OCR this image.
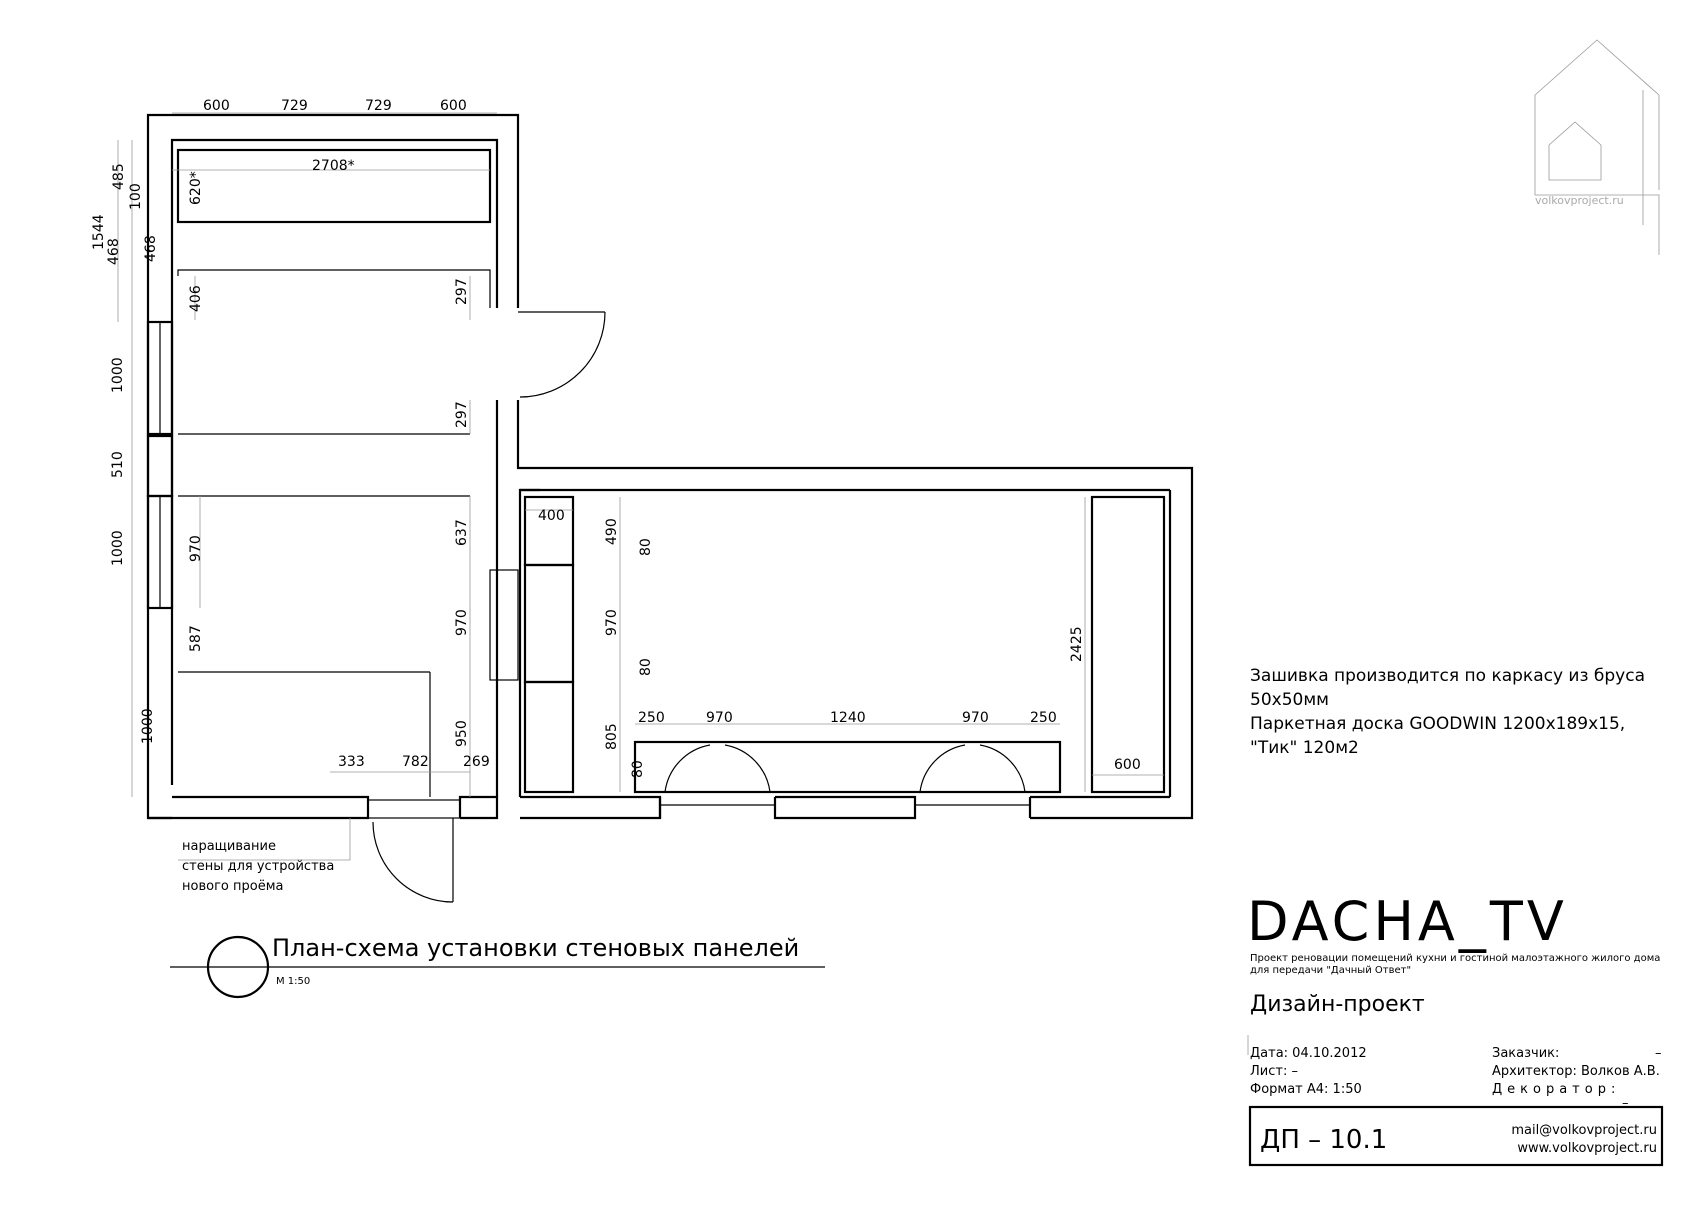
volkovproject.ru
600	729	729	600
2708*
1544
468
485
100
468
1000
510
1000
1000
620*
406
970
587
297
297
637
970
950
400
490
80
970
80
805
80
333	782 269
250	970	1240	970	250
2425
600
наращивание
стены для устройства
нового проёма
План-схема установки стеновых панелей
М 1:50
Зашивка производится по каркасу из бруса
50х50мм
Паркетная доска GOODWIN 1200х189х15,
"Тик" 120м2
DACHA_TV
Проект реновации помещений кухни и гостиной малоэтажного жилого дома
для передачи "Дачный Ответ"
Дизайн-проект
Дата: 04.10.2012
Лист: –
Формат А4: 1:50
Заказчик:	–
Архитектор: Волков А.В.
Декоратор:
–
ДП – 10.1	mail@volkovproject.ru
www.volkovproject.ru
